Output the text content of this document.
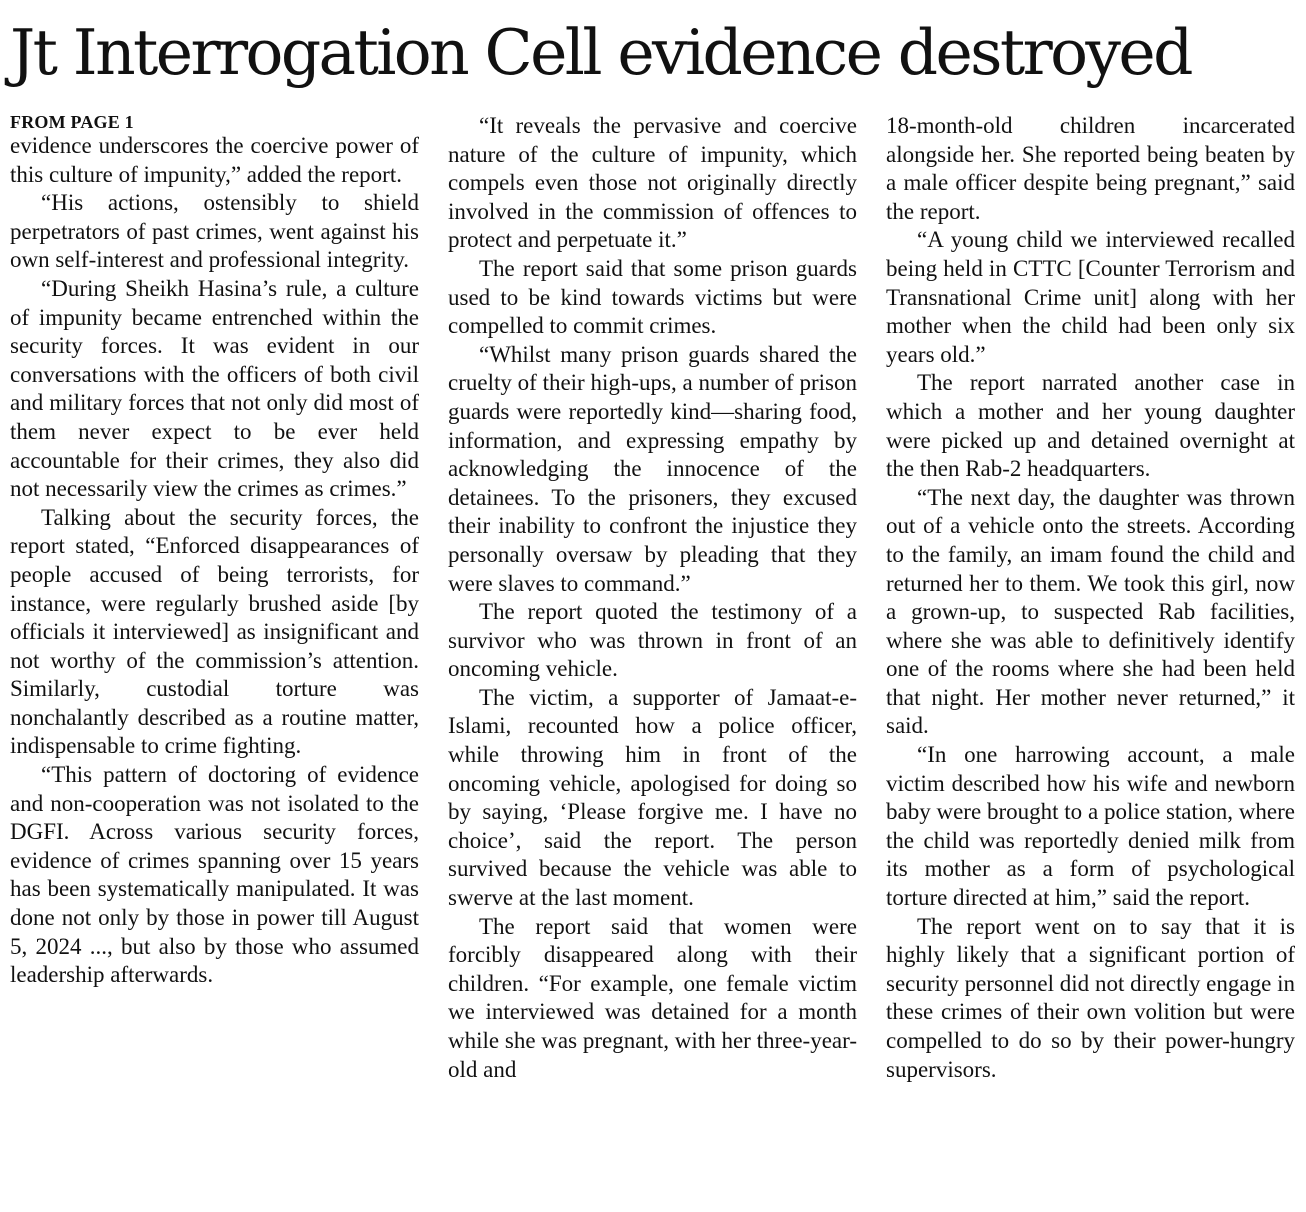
Jt Interrogation Cell evidence destroyed
FROM PAGE 1

evidence underscores the coercive power of this culture of impunity,” added the report.

“His actions, ostensibly to shield perpetrators of past crimes, went against his own self-interest and professional integrity.

“During Sheikh Hasina’s rule, a culture of impunity became entrenched within the security forces. It was evident in our conversations with the officers of both civil and military forces that not only did most of them never expect to be ever held accountable for their crimes, they also did not necessarily view the crimes as crimes.”

Talking about the security forces, the report stated, “Enforced disappearances of people accused of being terrorists, for instance, were regularly brushed aside [by officials it interviewed] as insignificant and not worthy of the commission’s attention. Similarly, custodial torture was nonchalantly described as a routine matter, indispensable to crime fighting.

“This pattern of doctoring of evidence and non-cooperation was not isolated to the DGFI. Across various security forces, evidence of crimes spanning over 15 years has been systematically manipulated. It was done not only by those in power till August 5, 2024 ..., but also by those who assumed leadership afterwards.

“It reveals the pervasive and coercive nature of the culture of impunity, which compels even those not originally directly involved in the commission of offences to protect and perpetuate it.”

The report said that some prison guards used to be kind towards victims but were compelled to commit crimes.

“Whilst many prison guards shared the cruelty of their high-ups, a number of prison guards were reportedly kind—sharing food, information, and expressing empathy by acknowledging the innocence of the detainees. To the prisoners, they excused their inability to confront the injustice they personally oversaw by pleading that they were slaves to command.”

The report quoted the testimony of a survivor who was thrown in front of an oncoming vehicle.

The victim, a supporter of Jamaat-e-Islami, recounted how a police officer, while throwing him in front of the oncoming vehicle, apologised for doing so by saying, ‘Please forgive me. I have no choice’, said the report. The person survived because the vehicle was able to swerve at the last moment.

The report said that women were forcibly disappeared along with their children. “For example, one female victim we interviewed was detained for a month while she was pregnant, with her three-year-old and

18-month-old children incarcerated alongside her. She reported being beaten by a male officer despite being pregnant,” said the report.

“A young child we interviewed recalled being held in CTTC [Counter Terrorism and Transnational Crime unit] along with her mother when the child had been only six years old.”

The report narrated another case in which a mother and her young daughter were picked up and detained overnight at the then Rab-2 headquarters.

“The next day, the daughter was thrown out of a vehicle onto the streets. According to the family, an imam found the child and returned her to them. We took this girl, now a grown-up, to suspected Rab facilities, where she was able to definitively identify one of the rooms where she had been held that night. Her mother never returned,” it said.

“In one harrowing account, a male victim described how his wife and newborn baby were brought to a police station, where the child was reportedly denied milk from its mother as a form of psychological torture directed at him,” said the report.

The report went on to say that it is highly likely that a significant portion of security personnel did not directly engage in these crimes of their own volition but were compelled to do so by their power-hungry supervisors.
